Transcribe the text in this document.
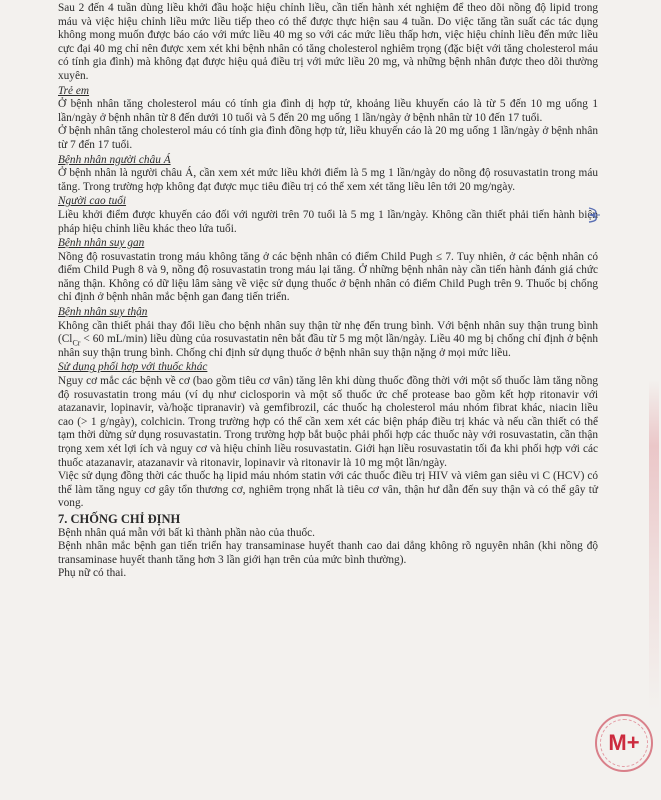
Sau 2 đến 4 tuần dùng liều khởi đầu hoặc hiệu chỉnh liều, cần tiến hành xét nghiệm để theo dõi nồng độ lipid trong máu và việc hiệu chỉnh liều mức liều tiếp theo có thể được thực hiện sau 4 tuần. Do việc tăng tần suất các tác dụng không mong muốn được báo cáo với mức liều 40 mg so với các mức liều thấp hơn, việc hiệu chỉnh liều đến mức liều cực đại 40 mg chỉ nên được xem xét khi bệnh nhân có tăng cholesterol nghiêm trọng (đặc biệt với tăng cholesterol máu có tính gia đình) mà không đạt được hiệu quả điều trị với mức liều 20 mg, và những bệnh nhân được theo dõi thường xuyên.

Trẻ em

Ở bệnh nhân tăng cholesterol máu có tính gia đình dị hợp tử, khoảng liều khuyến cáo là từ 5 đến 10 mg uống 1 lần/ngày ở bệnh nhân từ 8 đến dưới 10 tuổi và 5 đến 20 mg uống 1 lần/ngày ở bệnh nhân từ 10 đến 17 tuổi.

Ở bệnh nhân tăng cholesterol máu có tính gia đình đồng hợp tử, liều khuyến cáo là 20 mg uống 1 lần/ngày ở bệnh nhân từ 7 đến 17 tuổi.

Bệnh nhân người châu Á

Ở bệnh nhân là người châu Á, cần xem xét mức liều khởi điểm là 5 mg 1 lần/ngày do nồng độ rosuvastatin trong máu tăng. Trong trường hợp không đạt được mục tiêu điều trị có thể xem xét tăng liều lên tới 20 mg/ngày.

Người cao tuổi

Liều khởi điểm được khuyến cáo đối với người trên 70 tuổi là 5 mg 1 lần/ngày. Không cần thiết phải tiến hành biện pháp hiệu chỉnh liều khác theo lứa tuổi.

Bệnh nhân suy gan

Nồng độ rosuvastatin trong máu không tăng ở các bệnh nhân có điểm Child Pugh ≤ 7. Tuy nhiên, ở các bệnh nhân có điểm Child Pugh 8 và 9, nồng độ rosuvastatin trong máu lại tăng. Ở những bệnh nhân này cần tiến hành đánh giá chức năng thận. Không có dữ liệu lâm sàng về việc sử dụng thuốc ở bệnh nhân có điểm Child Pugh trên 9. Thuốc bị chống chỉ định ở bệnh nhân mắc bệnh gan đang tiến triển.

Bệnh nhân suy thận

Không cần thiết phải thay đổi liều cho bệnh nhân suy thận từ nhẹ đến trung bình. Với bệnh nhân suy thận trung bình ($Cl_{Cr} < 60$ mL/min) liều dùng của rosuvastatin nên bắt đầu từ 5 mg một lần/ngày. Liều 40 mg bị chống chỉ định ở bệnh nhân suy thận trung bình. Chống chỉ định sử dụng thuốc ở bệnh nhân suy thận nặng ở mọi mức liều.

Sử dụng phối hợp với thuốc khác

Nguy cơ mắc các bệnh về cơ (bao gồm tiêu cơ vân) tăng lên khi dùng thuốc đồng thời với một số thuốc làm tăng nồng độ rosuvastatin trong máu (ví dụ như ciclosporin và một số thuốc ức chế protease bao gồm kết hợp ritonavir với atazanavir, lopinavir, và/hoặc tipranavir) và gemfibrozil, các thuốc hạ cholesterol máu nhóm fibrat khác, niacin liều cao (> 1 g/ngày), colchicin. Trong trường hợp có thể cần xem xét các biện pháp điều trị khác và nếu cần thiết có thể tạm thời dừng sử dụng rosuvastatin. Trong trường hợp bắt buộc phải phối hợp các thuốc này với rosuvastatin, cần thận trọng xem xét lợi ích và nguy cơ và hiệu chỉnh liều rosuvastatin. Giới hạn liều rosuvastatin tối đa khi phối hợp với các thuốc atazanavir, atazanavir và ritonavir, lopinavir và ritonavir là 10 mg một lần/ngày.

Việc sử dụng đồng thời các thuốc hạ lipid máu nhóm statin với các thuốc điều trị HIV và viêm gan siêu vi C (HCV) có thể làm tăng nguy cơ gây tổn thương cơ, nghiêm trọng nhất là tiêu cơ vân, thận hư dẫn đến suy thận và có thể gây tử vong.

7. CHỐNG CHỈ ĐỊNH

Bệnh nhân quá mẫn với bất kì thành phần nào của thuốc.

Bệnh nhân mắc bệnh gan tiến triển hay transaminase huyết thanh cao dai dẳng không rõ nguyên nhân (khi nồng độ transaminase huyết thanh tăng hơn 3 lần giới hạn trên của mức bình thường).

Phụ nữ có thai.

M+
